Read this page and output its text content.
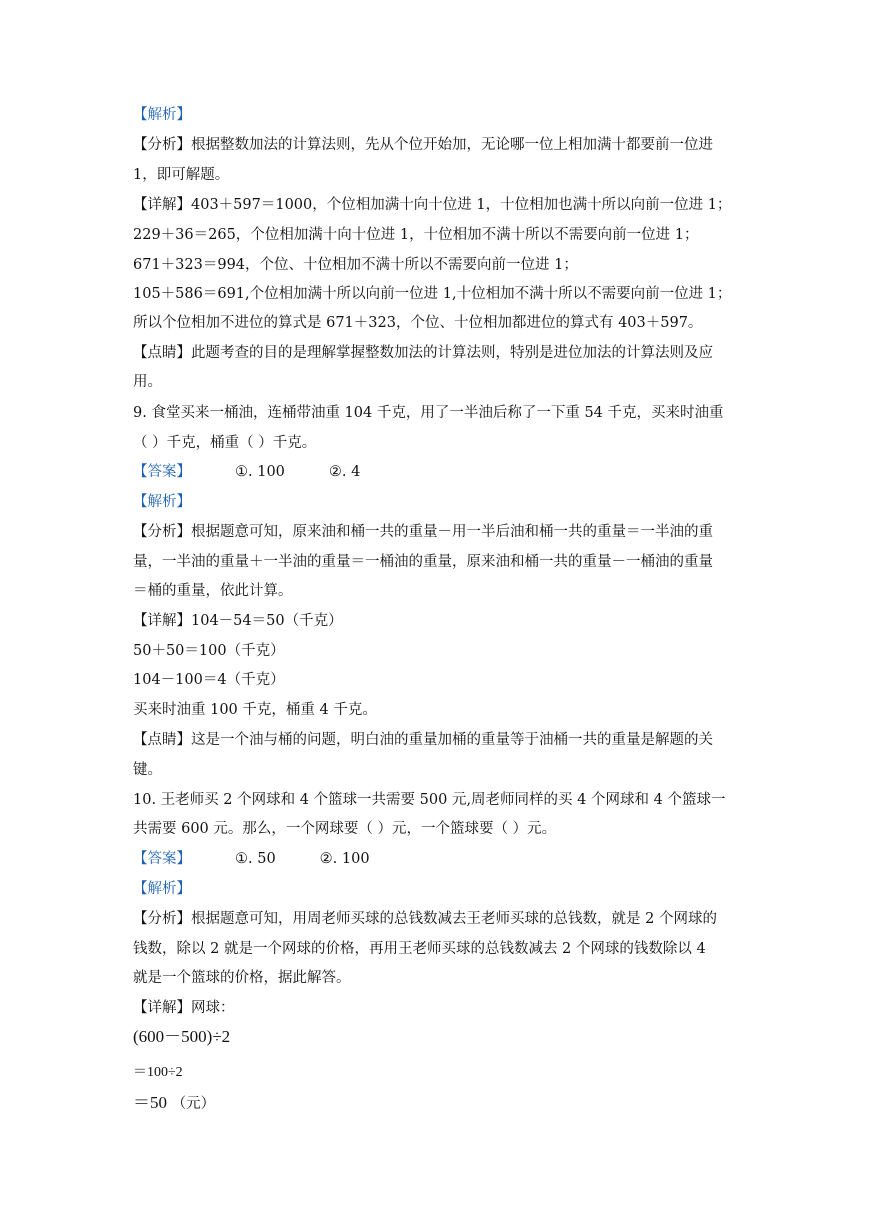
【解析】
【分析】根据整数加法的计算法则，先从个位开始加，无论哪一位上相加满十都要前一位进
1，即可解题。
【详解】403＋597＝1000，个位相加满十向十位进 1，十位相加也满十所以向前一位进 1；
229＋36＝265，个位相加满十向十位进 1，十位相加不满十所以不需要向前一位进 1；
671＋323＝994，个位、十位相加不满十所以不需要向前一位进 1；
105＋586＝691,个位相加满十所以向前一位进 1,十位相加不满十所以不需要向前一位进 1；
所以个位相加不进位的算式是 671＋323，个位、十位相加都进位的算式有 403＋597。
【点睛】此题考查的目的是理解掌握整数加法的计算法则，特别是进位加法的计算法则及应
用。
9. 食堂买来一桶油，连桶带油重 104 千克，用了一半油后称了一下重 54 千克，买来时油重
（ ）千克，桶重（ ）千克。
【答案】	①. 100	②. 4
【解析】
【分析】根据题意可知，原来油和桶一共的重量－用一半后油和桶一共的重量＝一半油的重
量，一半油的重量＋一半油的重量＝一桶油的重量，原来油和桶一共的重量－一桶油的重量
＝桶的重量，依此计算。
【详解】104－54＝50（千克）
50＋50＝100（千克）
104－100＝4（千克）
买来时油重 100 千克，桶重 4 千克。
【点睛】这是一个油与桶的问题，明白油的重量加桶的重量等于油桶一共的重量是解题的关
键。
10. 王老师买 2 个网球和 4 个篮球一共需要 500 元,周老师同样的买 4 个网球和 4 个篮球一
共需要 600 元。那么，一个网球要（ ）元，一个篮球要（ ）元。
【答案】	①. 50	②. 100
【解析】
【分析】根据题意可知，用周老师买球的总钱数减去王老师买球的总钱数，就是 2 个网球的
钱数，除以 2 就是一个网球的价格，再用王老师买球的总钱数减去 2 个网球的钱数除以 4
就是一个篮球的价格，据此解答。
【详解】网球：
(600－500)÷2
＝100÷2
＝50 （元）
